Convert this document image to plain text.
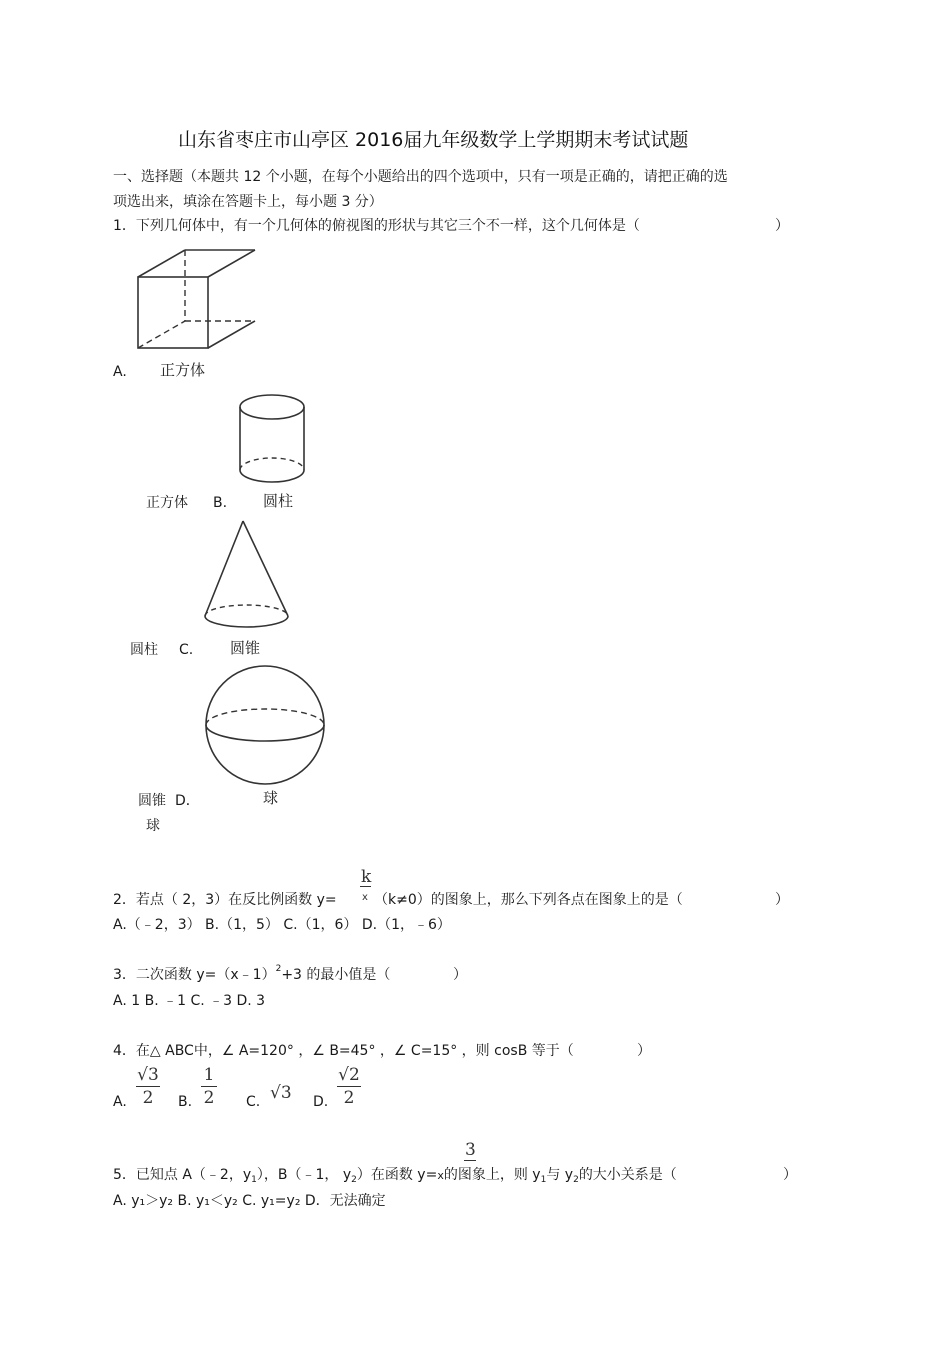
山东省枣庄市山亭区 2016届九年级数学上学期期末考试试题
一、选择题（本题共 12 个小题，在每个小题给出的四个选项中，只有一项是正确的，请把正确的选
项选出来，填涂在答题卡上，每小题 3 分）
1．下列几何体中，有一个几何体的俯视图的形状与其它三个不一样，这个几何体是（	）
A. 正方体
正方体 B. 圆柱
圆柱 C. 圆锥
圆锥 D．	球
球
2．若点（ 2，3）在反比例函数 y=
k
x （k≠0）的图象上，那么下列各点在图象上的是（	）
A.（﹣2，3） B.（1，5） C.（1，6） D.（1，﹣6）
3．二次函数 y=（x﹣1）$^2$+3 的最小值是（	）
A. 1 B. ﹣1 C. ﹣3 D. 3
4．在△ ABC中，∠ A=120° ，∠ B=45° ，∠ C=15° ，则 cosB 等于（	）
A.
√3
2	B.
1
2 C. √3 D.
√2
2
3
5．已知点 A（﹣2，$y_1$），B（﹣1， $y_2$）在函数 y=x的图象上，则 $y_1$与 $y_2$的大小关系是（	）
A. y₁＞y₂ B. y₁＜y₂ C. y₁=y₂ D．无法确定
